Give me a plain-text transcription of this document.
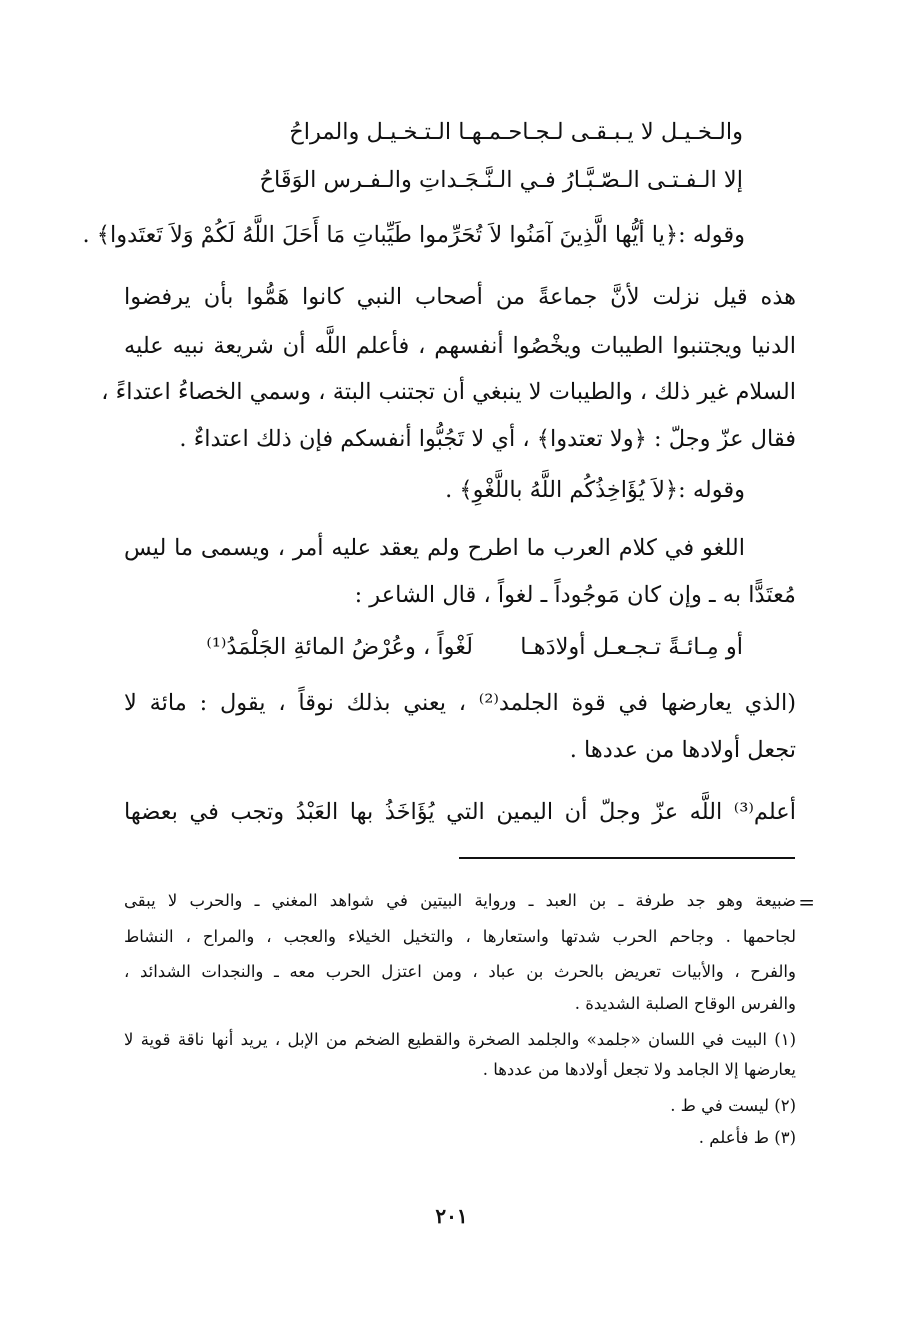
والـخـيـل لا يـبـقـى لـجـاحـمـهـا الـتـخـيـل والمراحُ
إلا الـفـتـى الـصّـبَّـارُ فـي الـنَّـجَـداتِ والـفـرس الوَقَاحُ
وقوله :﴿يا أيُّها الَّذِينَ آمَنُوا لاَ تُحَرِّموا طَيِّباتِ مَا أَحَلَ اللَّهُ لَكُمْ وَلاَ تَعتَدوا﴾ .
هذه قيل نزلت لأنَّ جماعةً من أصحاب النبي كانوا هَمُّوا بأن يرفضوا
الدنيا ويجتنبوا الطيبات ويخْصُوا أنفسهم ، فأعلم اللَّه أن شريعة نبيه عليه
السلام غير ذلك ، والطيبات لا ينبغي أن تجتنب البتة ، وسمي الخصاءُ اعتداءً ،
فقال عزّ وجلّ : ﴿ولا تعتدوا﴾ ، أي لا تَجُبُّوا أنفسكم فإن ذلك اعتداءٌ .
وقوله :﴿لاَ يُؤَاخِذُكُم اللَّهُ باللَّغْوِ﴾ .
اللغو في كلام العرب ما اطرح ولم يعقد عليه أمر ، ويسمى ما ليس
مُعتَدًّا به ـ وإن كان مَوجُوداً ـ لغواً ، قال الشاعر :
أو مِـائـةً تـجـعـل أولادَهـا
لَغْواً ، وعُرْضُ المائةِ الجَلْمَدُ⁽¹⁾
(الذي يعارضها في قوة الجلمد⁽²⁾ ، يعني بذلك نوقاً ، يقول : مائة لا
تجعل أولادها من عددها .
أعلم⁽³⁾ اللَّه عزّ وجلّ أن اليمين التي يُؤَاخَذُ بها العَبْدُ وتجب في بعضها
=
ضبيعة وهو جد طرفة ـ بن العبد ـ ورواية البيتين في شواهد المغني ـ والحرب لا يبقى
لجاحمها . وجاحم الحرب شدتها واستعارها ، والتخيل الخيلاء والعجب ، والمراح ، النشاط
والفرح ، والأبيات تعريض بالحرث بن عباد ، ومن اعتزل الحرب معه ـ والنجدات الشدائد ،
والفرس الوقاح الصلبة الشديدة .
(١) البيت في اللسان «جلمد» والجلمد الصخرة والقطيع الضخم من الإبل ، يريد أنها ناقة قوية لا
يعارضها إلا الجامد ولا تجعل أولادها من عددها .
(٢) ليست في ط .
(٣) ط فأعلم .
٢٠١
